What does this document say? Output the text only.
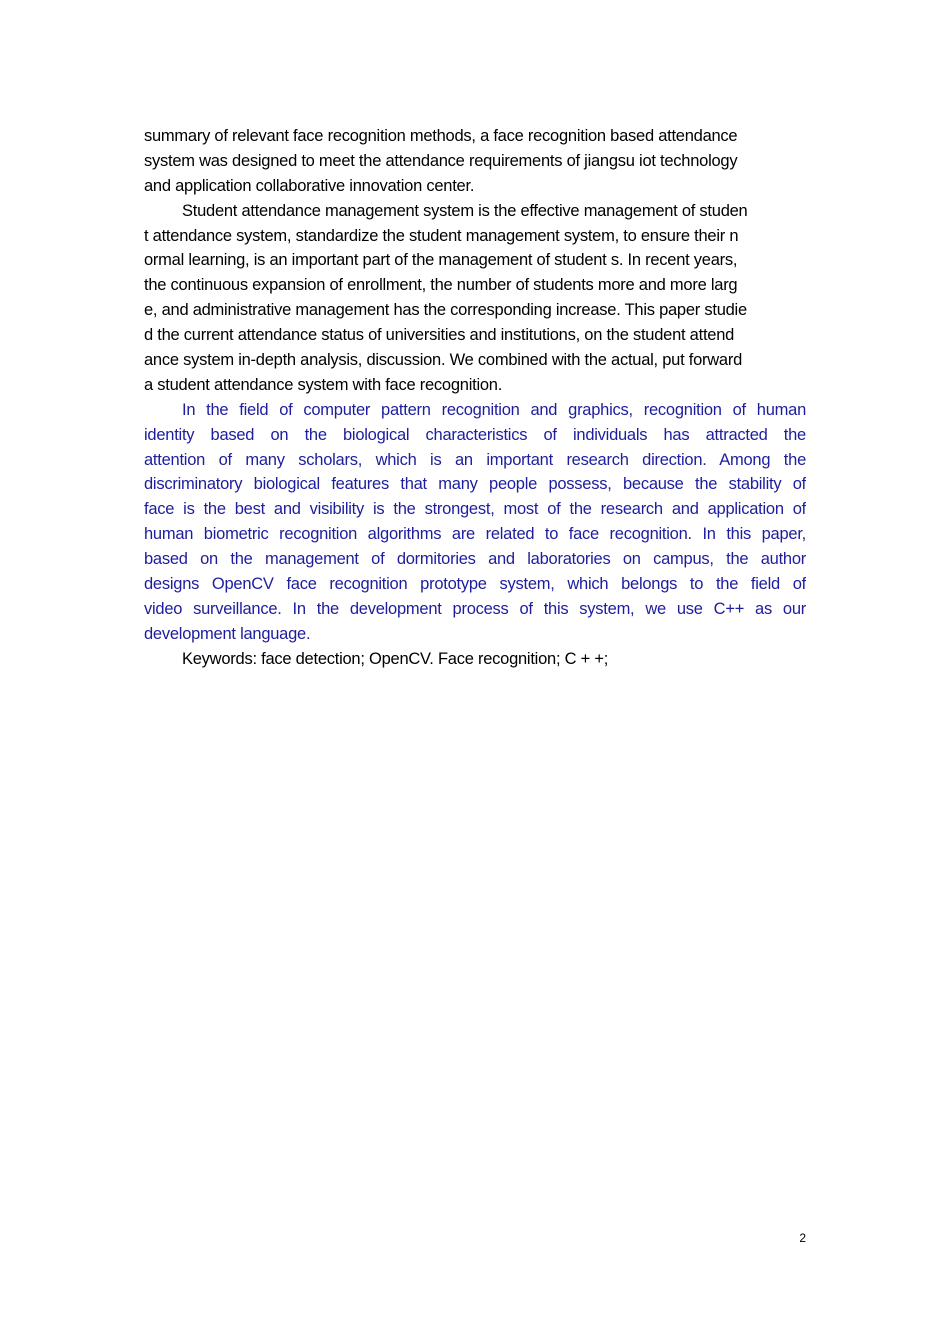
summary of relevant face recognition methods, a face recognition based attendance
system was designed to meet the attendance requirements of jiangsu iot technology
and application collaborative innovation center.
Student attendance management system is the effective management of studen
t attendance system, standardize the student management system, to ensure their n
ormal learning, is an important part of the management of student s. In recent years,
the continuous expansion of enrollment, the number of students more and more larg
e, and administrative management has the corresponding increase. This paper studie
d the current attendance status of universities and institutions, on the student attend
ance system in-depth analysis, discussion. We combined with the actual, put forward
a student attendance system with face recognition.
In the field of computer pattern recognition and graphics, recognition of human
identity based on the biological characteristics of individuals has attracted the
attention of many scholars, which is an important research direction. Among the
discriminatory biological features that many people possess, because the stability of
face is the best and visibility is the strongest, most of the research and application of
human biometric recognition algorithms are related to face recognition. In this paper,
based on the management of dormitories and laboratories on campus, the author
designs OpenCV face recognition prototype system, which belongs to the field of
video surveillance. In the development process of this system, we use C++ as our
development language.
Keywords: face detection; OpenCV. Face recognition; C + +;
2
